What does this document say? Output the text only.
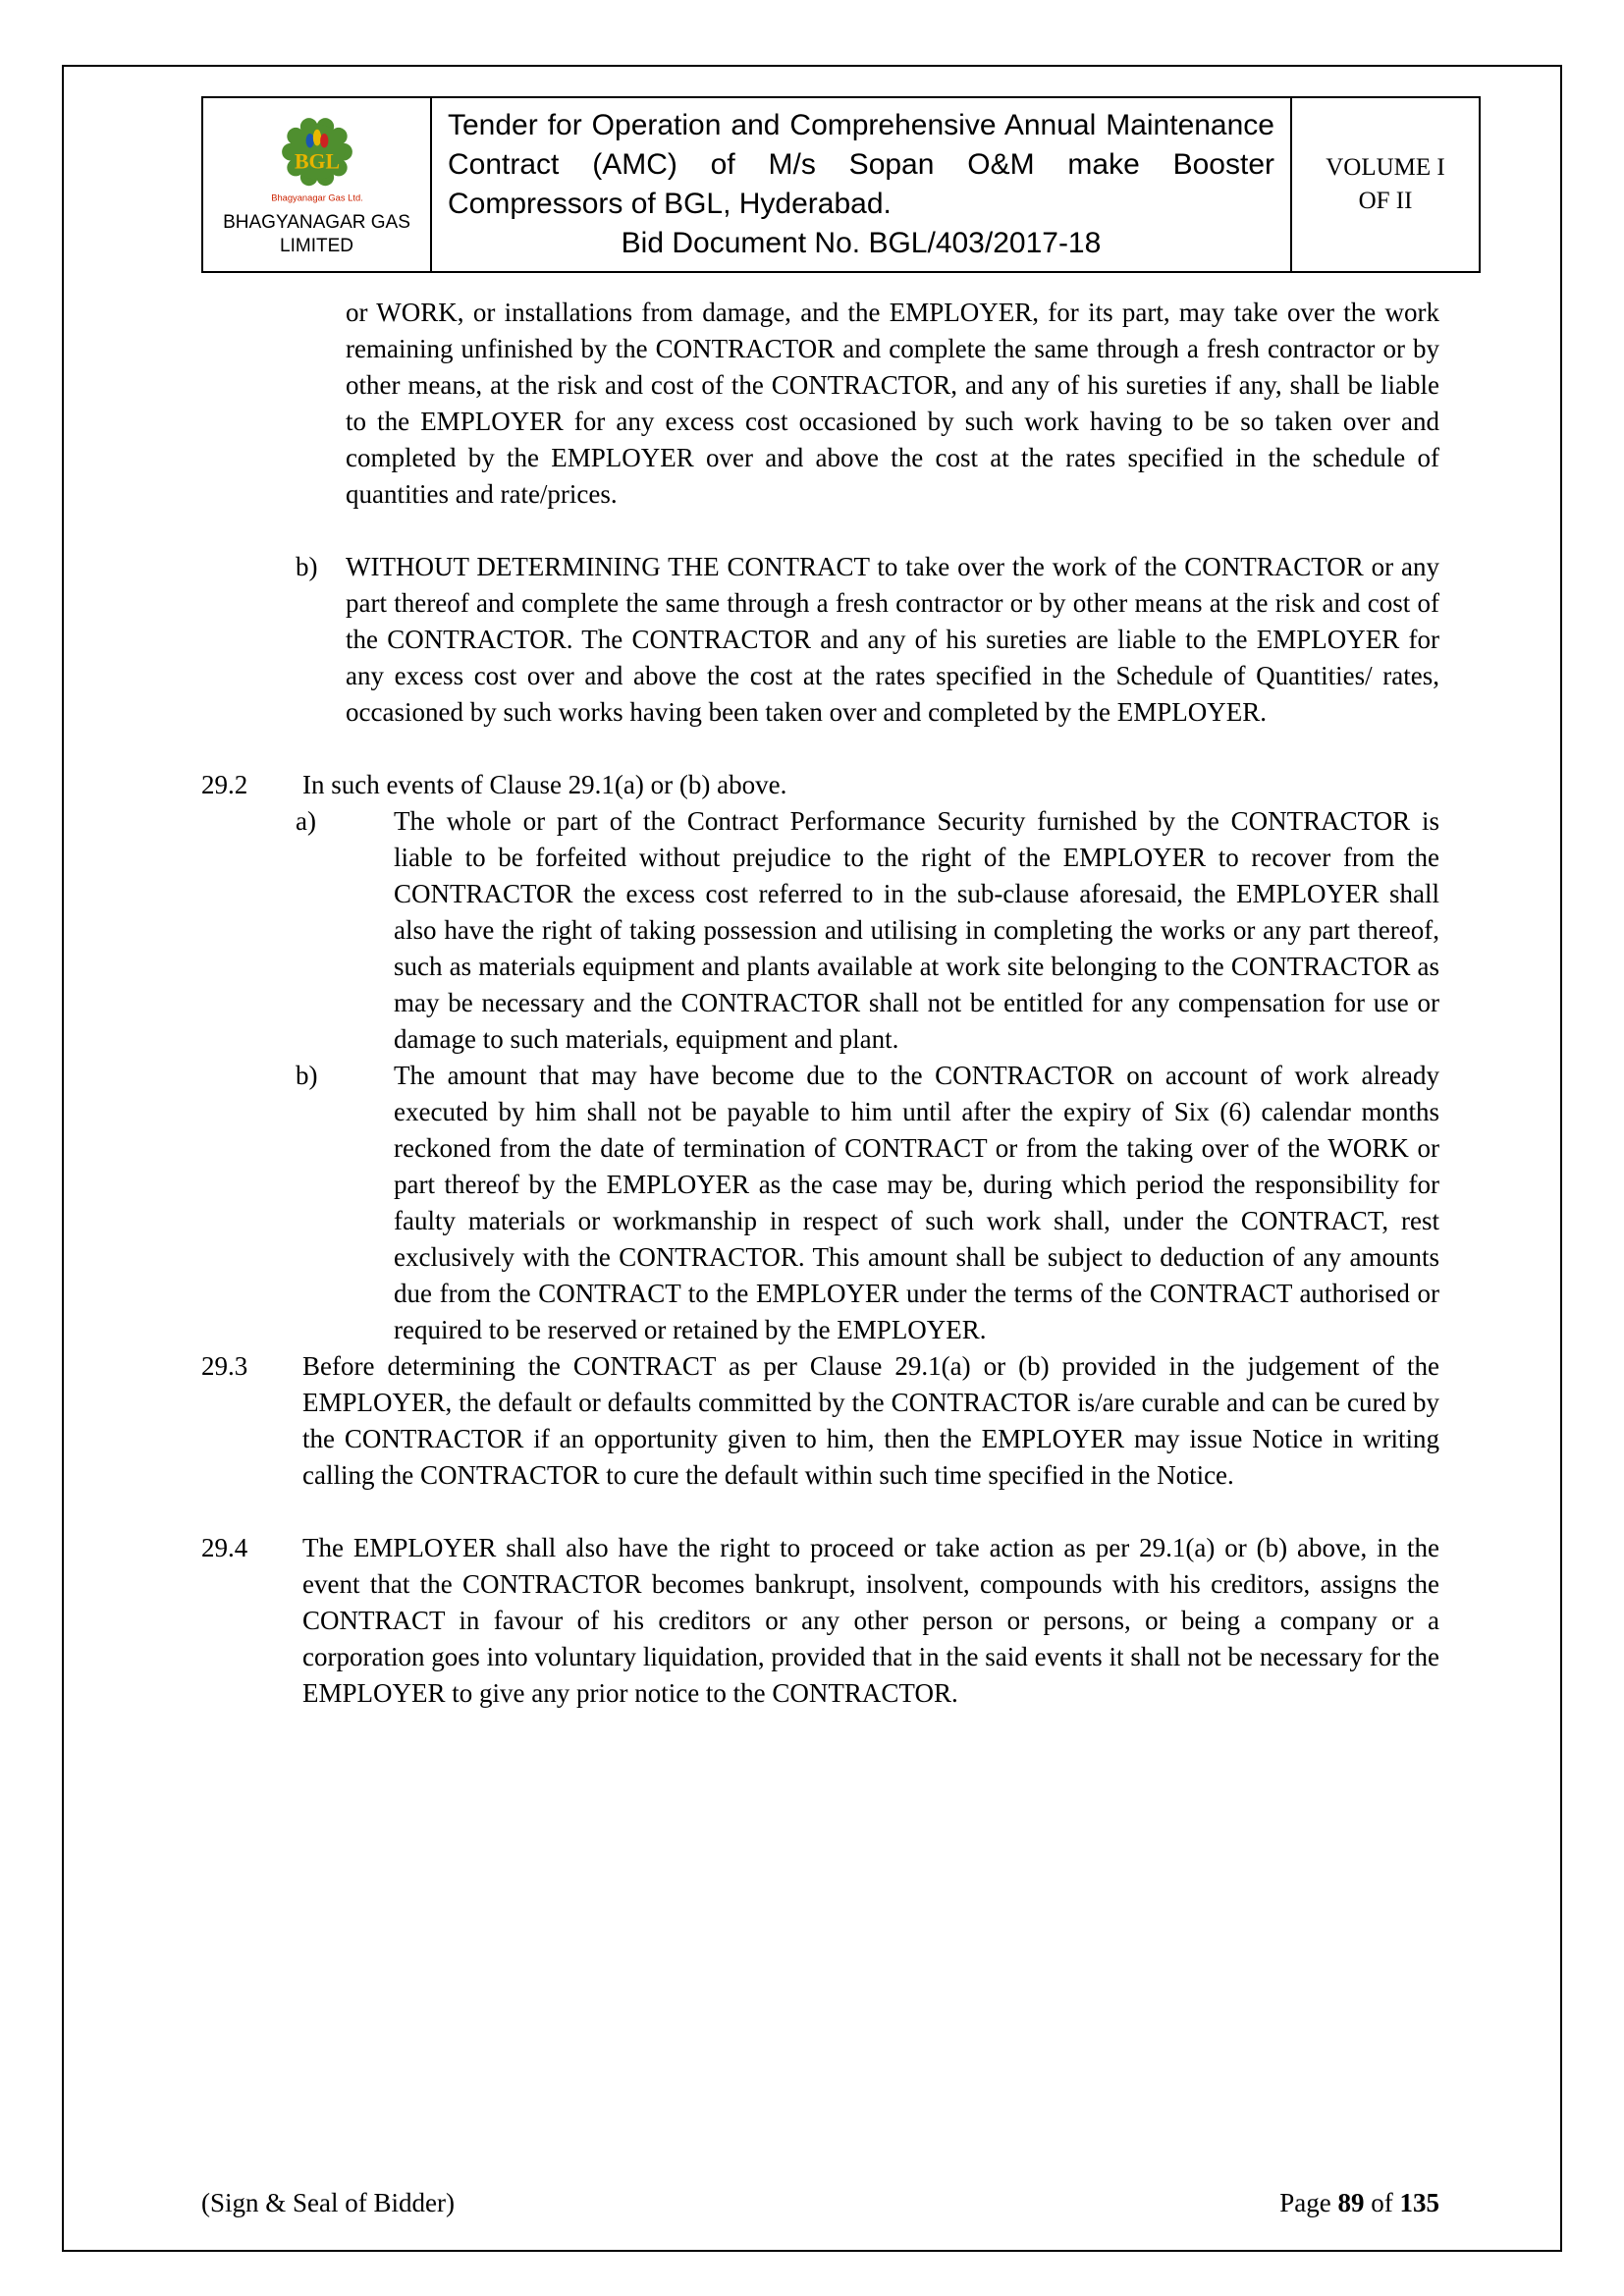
BGL
Bhagyanagar Gas Ltd.
BHAGYANAGAR GAS
LIMITED
Tender for Operation and Comprehensive Annual Maintenance Contract (AMC) of M/s Sopan O&M make Booster Compressors of BGL, Hyderabad.
Bid Document No. BGL/403/2017-18
VOLUME I
OF II
or WORK, or installations from damage, and the EMPLOYER, for its part, may take over the work remaining unfinished by the CONTRACTOR and complete the same through a fresh contractor or by other means, at the risk and cost of the CONTRACTOR, and any of his sureties if any, shall be liable to the EMPLOYER for any excess cost occasioned by such work having to be so taken over and completed by the EMPLOYER over and above the cost at the rates specified in the schedule of quantities and rate/prices.
b)	WITHOUT DETERMINING THE CONTRACT to take over the work of the CONTRACTOR or any part thereof and complete the same through a fresh contractor or by other means at the risk and cost of the CONTRACTOR. The CONTRACTOR and any of his sureties are liable to the EMPLOYER for any excess cost over and above the cost at the rates specified in the Schedule of Quantities/ rates, occasioned by such works having been taken over and completed by the EMPLOYER.
29.2	In such events of Clause 29.1(a) or (b) above.
a)	The whole or part of the Contract Performance Security furnished by the CONTRACTOR is liable to be forfeited without prejudice to the right of the EMPLOYER to recover from the CONTRACTOR the excess cost referred to in the sub-clause aforesaid, the EMPLOYER shall also have the right of taking possession and utilising in completing the works or any part thereof, such as materials equipment and plants available at work site belonging to the CONTRACTOR as may be necessary and the CONTRACTOR shall not be entitled for any compensation for use or damage to such materials, equipment and plant.
b)	The amount that may have become due to the CONTRACTOR on account of work already executed by him shall not be payable to him until after the expiry of Six (6) calendar months reckoned from the date of termination of CONTRACT or from the taking over of the WORK or part thereof by the EMPLOYER as the case may be, during which period the responsibility for faulty materials or workmanship in respect of such work shall, under the CONTRACT, rest exclusively with the CONTRACTOR. This amount shall be subject to deduction of any amounts due from the CONTRACT to the EMPLOYER under the terms of the CONTRACT authorised or required to be reserved or retained by the EMPLOYER.
29.3	Before determining the CONTRACT as per Clause 29.1(a) or (b) provided in the judgement of the EMPLOYER, the default or defaults committed by the CONTRACTOR is/are curable and can be cured by the CONTRACTOR if an opportunity given to him, then the EMPLOYER may issue Notice in writing calling the CONTRACTOR to cure the default within such time specified in the Notice.
29.4	The EMPLOYER shall also have the right to proceed or take action as per 29.1(a) or (b) above, in the event that the CONTRACTOR becomes bankrupt, insolvent, compounds with his creditors, assigns the CONTRACT in favour of his creditors or any other person or persons, or being a company or a corporation goes into voluntary liquidation, provided that in the said events it shall not be necessary for the EMPLOYER to give any prior notice to the CONTRACTOR.
(Sign & Seal of Bidder)	Page 89 of 135
